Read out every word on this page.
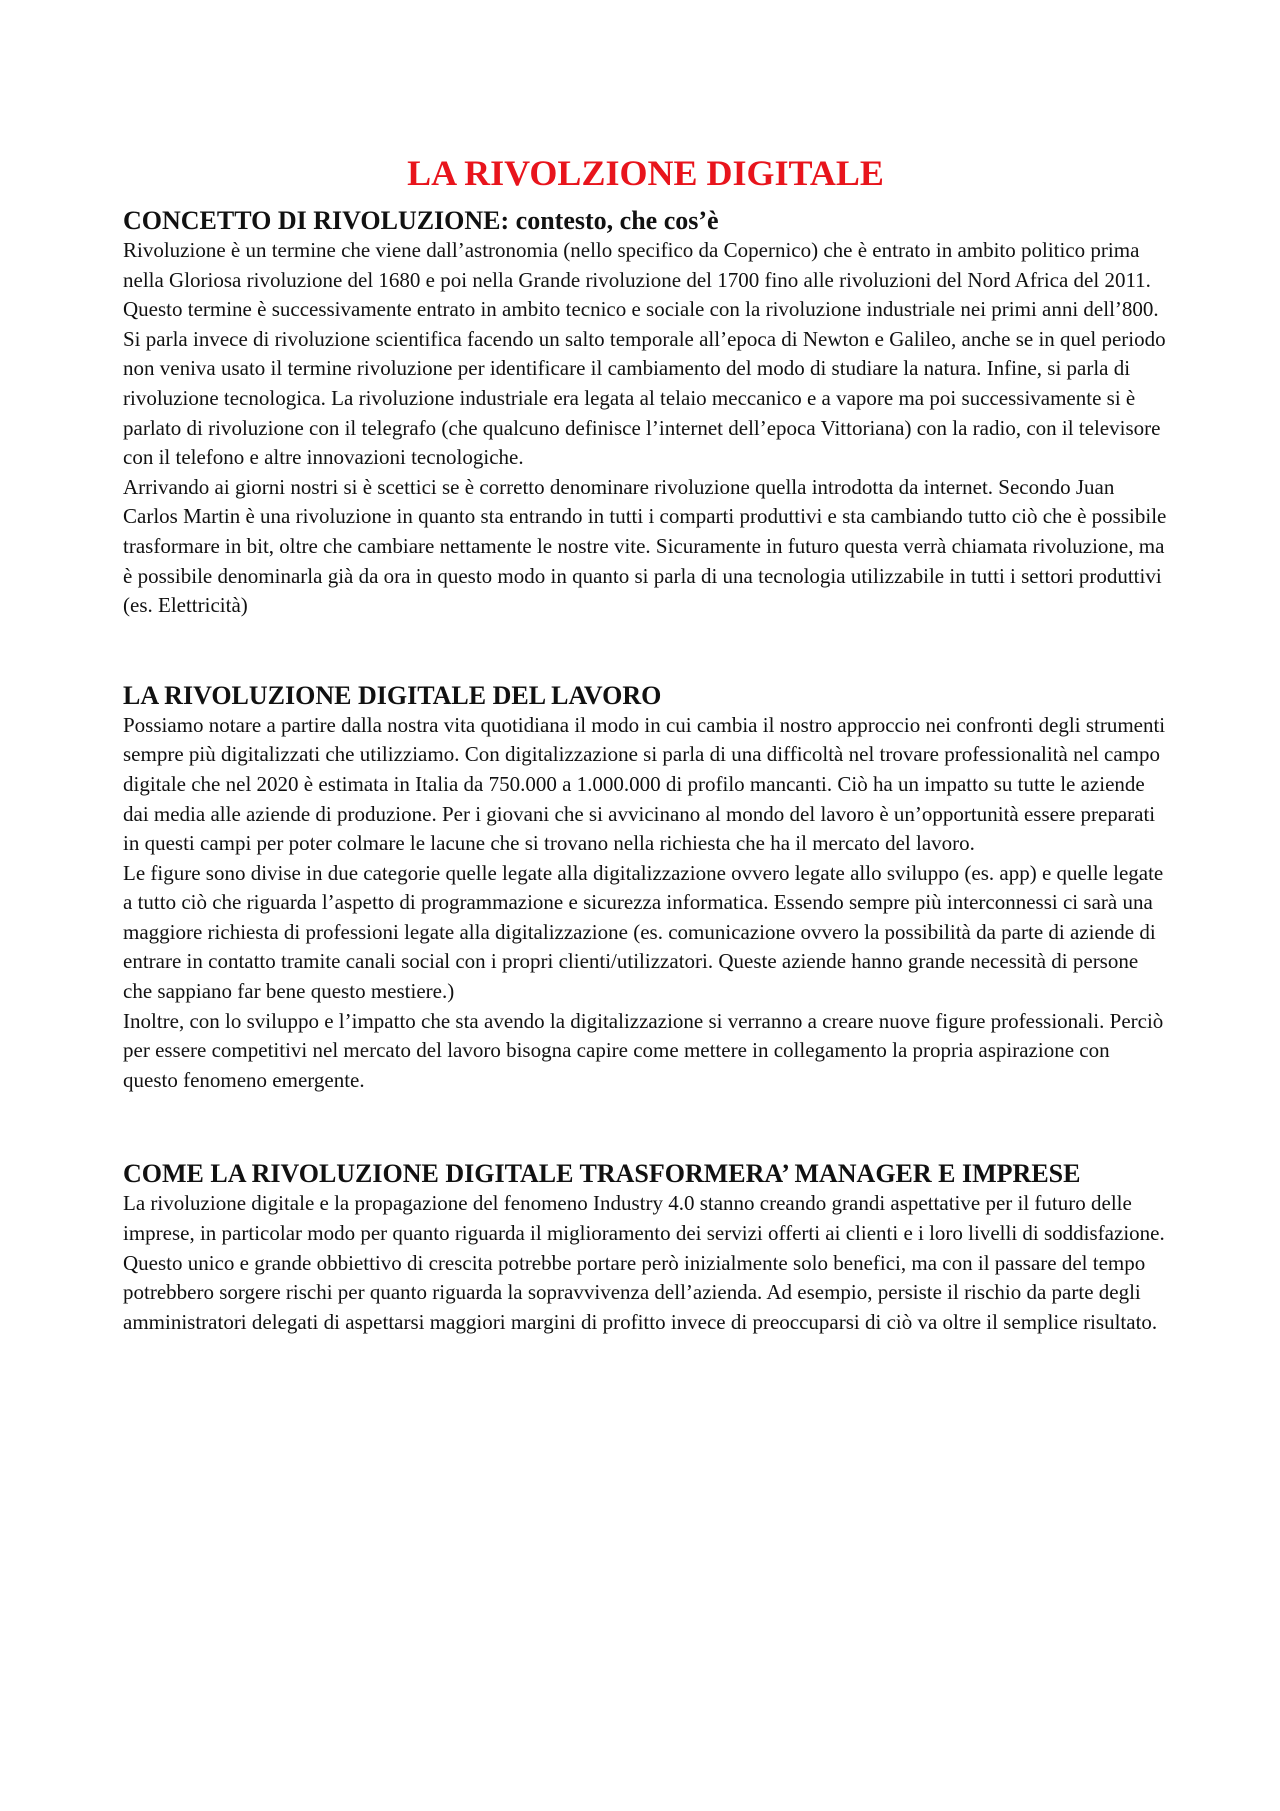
LA RIVOLZIONE DIGITALE
CONCETTO DI RIVOLUZIONE: contesto, che cos’è

Rivoluzione è un termine che viene dall’astronomia (nello specifico da Copernico) che è entrato in ambito politico prima nella Gloriosa rivoluzione del 1680 e poi nella Grande rivoluzione del 1700 fino alle rivoluzioni del Nord Africa del 2011.

Questo termine è successivamente entrato in ambito tecnico e sociale con la rivoluzione industriale nei primi anni dell’800. Si parla invece di rivoluzione scientifica facendo un salto temporale all’epoca di Newton e Galileo, anche se in quel periodo non veniva usato il termine rivoluzione per identificare il cambiamento del modo di studiare la natura. Infine, si parla di rivoluzione tecnologica. La rivoluzione industriale era legata al telaio meccanico e a vapore ma poi successivamente si è parlato di rivoluzione con il telegrafo (che qualcuno definisce l’internet dell’epoca Vittoriana) con la radio, con il televisore con il telefono e altre innovazioni tecnologiche.

Arrivando ai giorni nostri si è scettici se è corretto denominare rivoluzione quella introdotta da internet. Secondo Juan Carlos Martin è una rivoluzione in quanto sta entrando in tutti i comparti produttivi e sta cambiando tutto ciò che è possibile trasformare in bit, oltre che cambiare nettamente le nostre vite. Sicuramente in futuro questa verrà chiamata rivoluzione, ma è possibile denominarla già da ora in questo modo in quanto si parla di una tecnologia utilizzabile in tutti i settori produttivi (es. Elettricità)

LA RIVOLUZIONE DIGITALE DEL LAVORO

Possiamo notare a partire dalla nostra vita quotidiana il modo in cui cambia il nostro approccio nei confronti degli strumenti sempre più digitalizzati che utilizziamo. Con digitalizzazione si parla di una difficoltà nel trovare professionalità nel campo digitale che nel 2020 è estimata in Italia da 750.000 a 1.000.000 di profilo mancanti. Ciò ha un impatto su tutte le aziende dai media alle aziende di produzione. Per i giovani che si avvicinano al mondo del lavoro è un’opportunità essere preparati in questi campi per poter colmare le lacune che si trovano nella richiesta che ha il mercato del lavoro.

Le figure sono divise in due categorie quelle legate alla digitalizzazione ovvero legate allo sviluppo (es. app) e quelle legate a tutto ciò che riguarda l’aspetto di programmazione e sicurezza informatica. Essendo sempre più interconnessi ci sarà una maggiore richiesta di professioni legate alla digitalizzazione (es. comunicazione ovvero la possibilità da parte di aziende di entrare in contatto tramite canali social con i propri clienti/utilizzatori. Queste aziende hanno grande necessità di persone che sappiano far bene questo mestiere.)

Inoltre, con lo sviluppo e l’impatto che sta avendo la digitalizzazione si verranno a creare nuove figure professionali. Perciò per essere competitivi nel mercato del lavoro bisogna capire come mettere in collegamento la propria aspirazione con questo fenomeno emergente.

COME LA RIVOLUZIONE DIGITALE TRASFORMERA’ MANAGER E IMPRESE

La rivoluzione digitale e la propagazione del fenomeno Industry 4.0 stanno creando grandi aspettative per il futuro delle imprese, in particolar modo per quanto riguarda il miglioramento dei servizi offerti ai clienti e i loro livelli di soddisfazione.

Questo unico e grande obbiettivo di crescita potrebbe portare però inizialmente solo benefici, ma con il passare del tempo potrebbero sorgere rischi per quanto riguarda la sopravvivenza dell’azienda. Ad esempio, persiste il rischio da parte degli amministratori delegati di aspettarsi maggiori margini di profitto invece di preoccuparsi di ciò va oltre il semplice risultato.
